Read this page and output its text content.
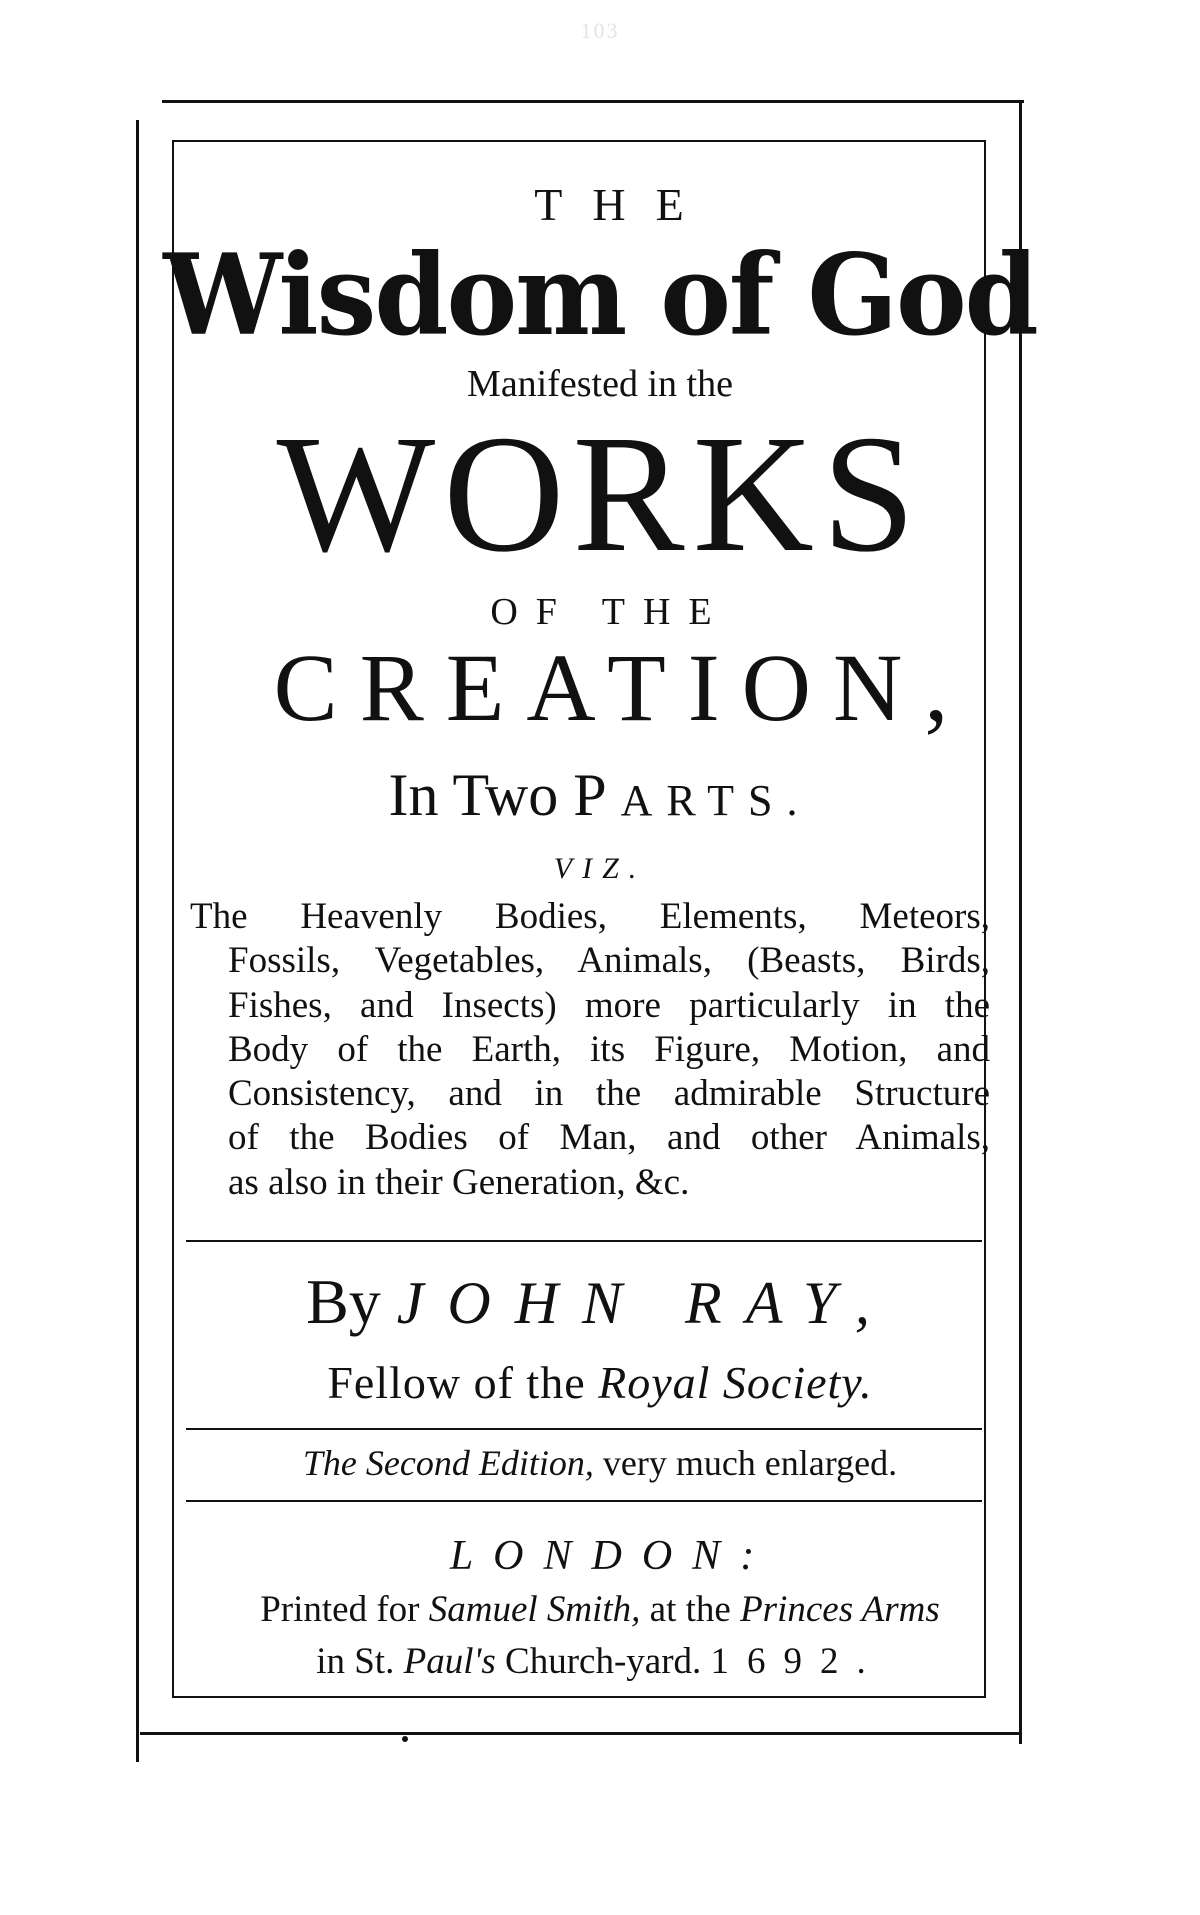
103
THE
Wisdom of God
Manifested in the
WORKS
OF THE
CREATION,
In Two PARTS.
VIZ.
The Heavenly Bodies, Elements, Meteors,
Fossils, Vegetables, Animals, (Beasts, Birds,
Fishes, and Insects) more particularly in the
Body of the Earth, its Figure, Motion, and
Consistency, and in the admirable Structure
of the Bodies of Man, and other Animals,
as also in their Generation, &c.
By JOHN RAY,
Fellow of the Royal Society.
The Second Edition, very much enlarged.
LONDON:
Printed for Samuel Smith, at the Princes Arms
in St. Paul's Church-yard. 1692.
